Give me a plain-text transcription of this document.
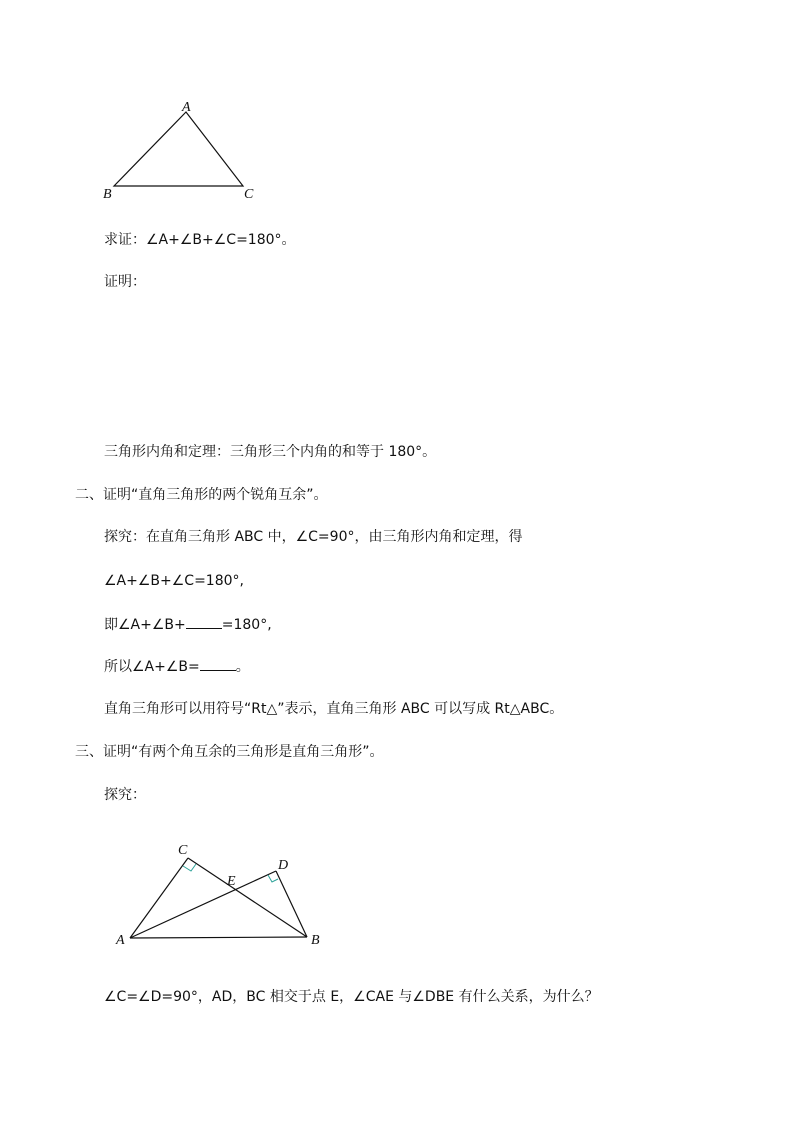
A
B	C
求证：∠A+∠B+∠C=180°。
证明：
三角形内角和定理：三角形三个内角的和等于 180°。
二、证明“直角三角形的两个锐角互余”。
探究：在直角三角形 ABC 中，∠C=90°，由三角形内角和定理，得
∠A+∠B+∠C=180°,
即∠A+∠B+	=180°,
所以∠A+∠B=	。
直角三角形可以用符号“Rt△”表示，直角三角形 ABC 可以写成 Rt△ABC。
三、证明“有两个角互余的三角形是直角三角形”。
探究：
C
D
E
A	B
∠C=∠D=90°，AD，BC 相交于点 E，∠CAE 与∠DBE 有什么关系，为什么？
